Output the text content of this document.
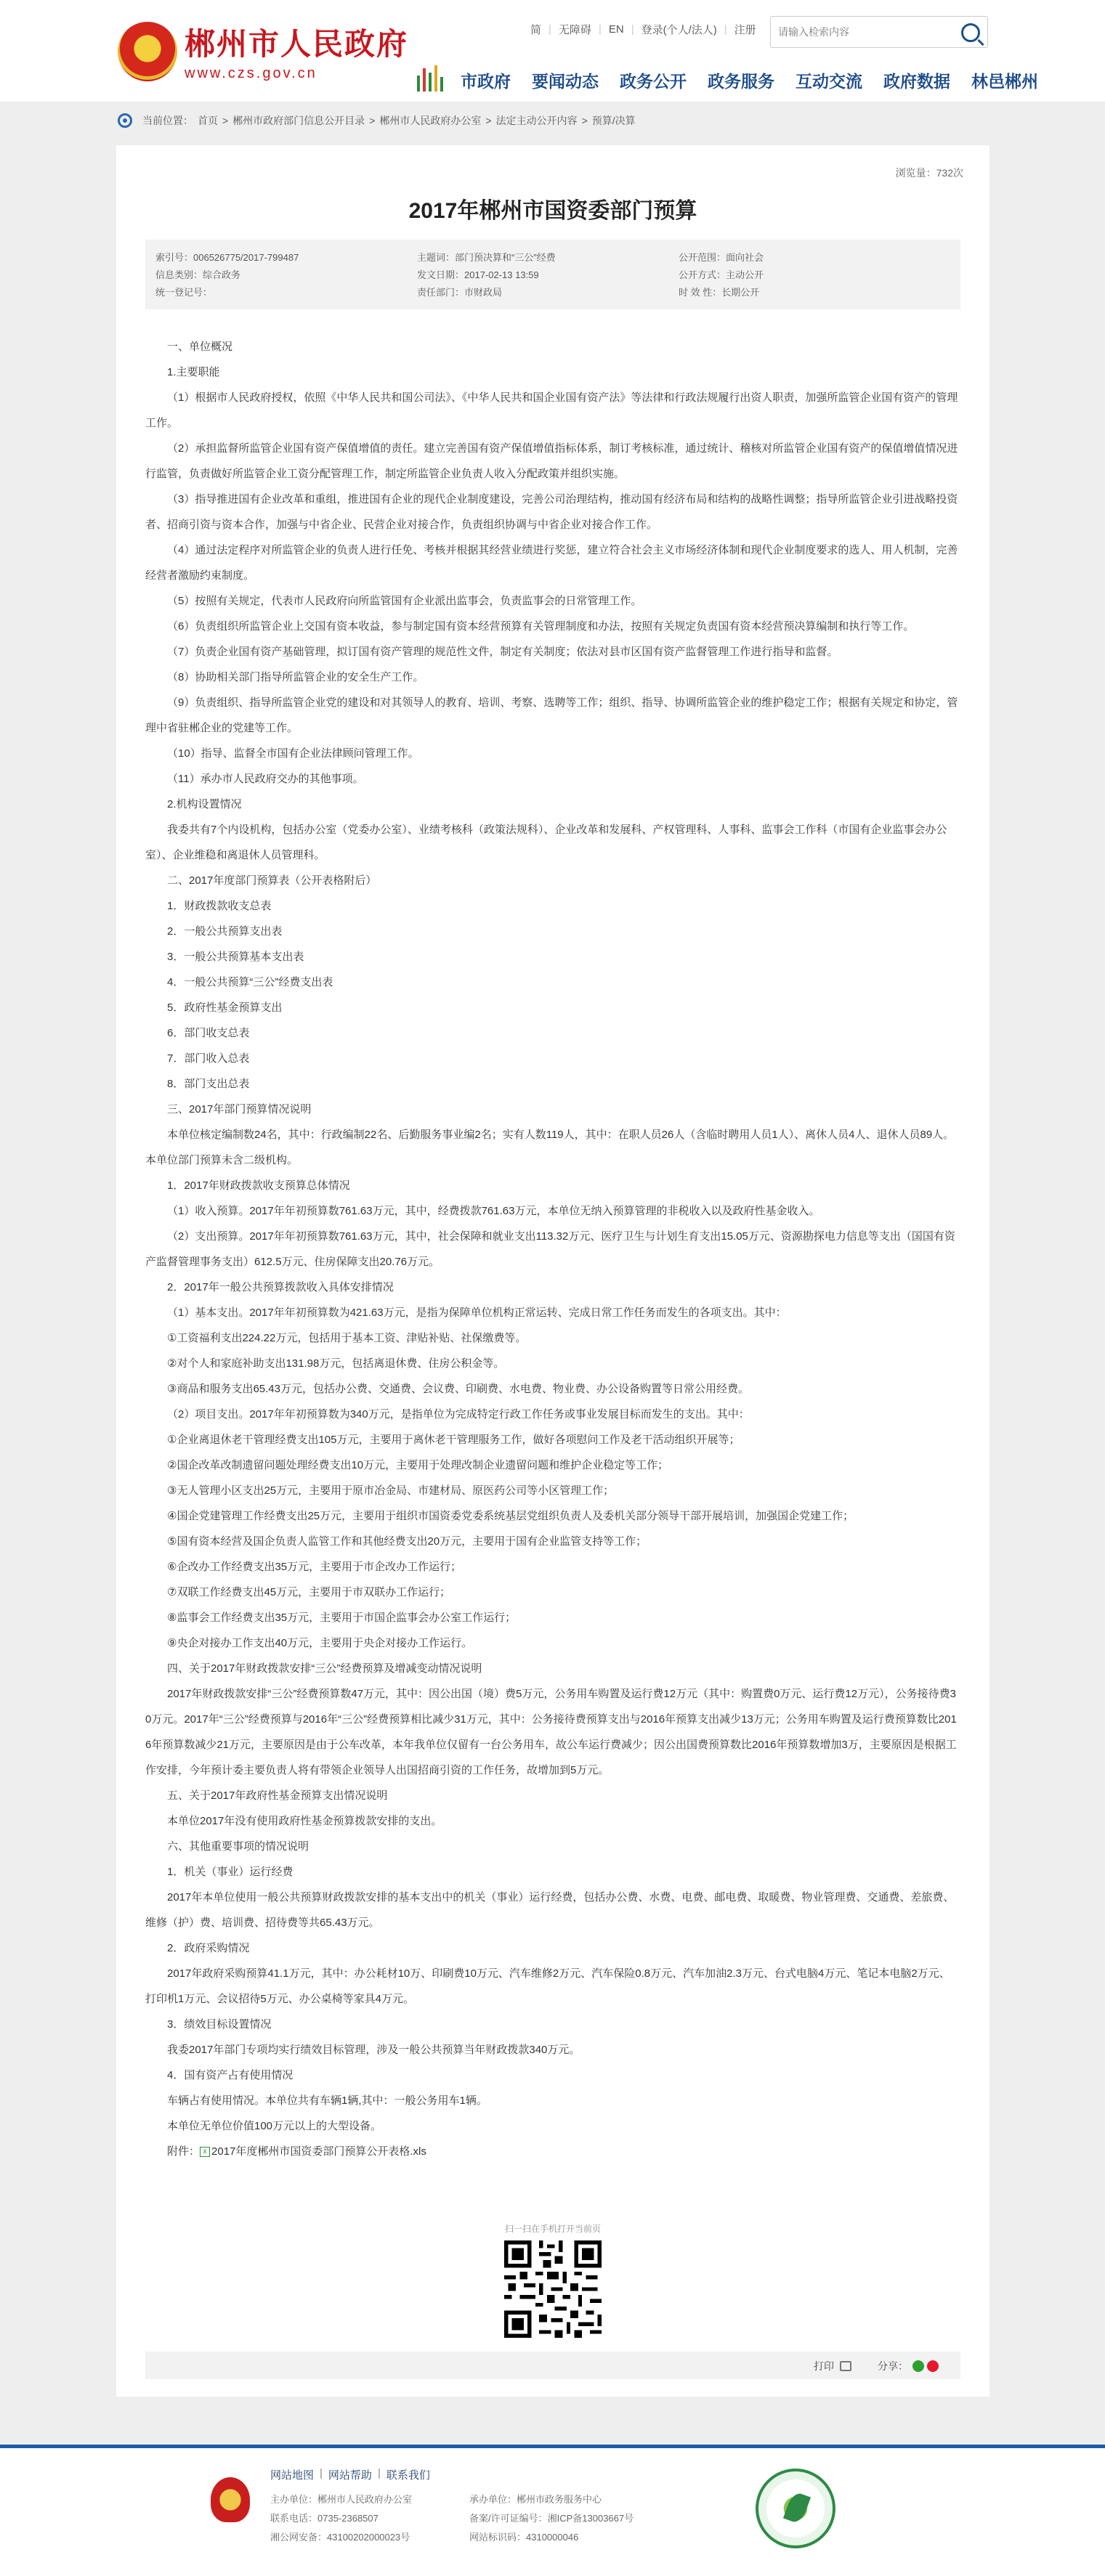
郴州市人民政府
www.czs.gov.cn
简 | 无障碍 | EN | 登录(个人/法人) | 注册
请输入检索内容
市政府 要闻动态 政务公开 政务服务 互动交流 政府数据 林邑郴州
当前位置： 首页 > 郴州市政府部门信息公开目录 > 郴州市人民政府办公室 > 法定主动公开内容 > 预算/决算
浏览量：732次
2017年郴州市国资委部门预算
索引号：006526775/2017-799487
信息类别：综合政务
统一登记号：
主题词：部门预决算和“三公”经费
发文日期：2017-02-13 13:59
责任部门：市财政局
公开范围：面向社会
公开方式：主动公开
时 效 性：长期公开

一、单位概况

1.主要职能

（1）根据市人民政府授权，依照《中华人民共和国公司法》、《中华人民共和国企业国有资产法》等法律和行政法规履行出资人职责，加强所监管企业国有资产的管理工作。

（2）承担监督所监管企业国有资产保值增值的责任。建立完善国有资产保值增值指标体系，制订考核标准，通过统计、稽核对所监管企业国有资产的保值增值情况进行监管，负责做好所监管企业工资分配管理工作，制定所监管企业负责人收入分配政策并组织实施。

（3）指导推进国有企业改革和重组，推进国有企业的现代企业制度建设，完善公司治理结构，推动国有经济布局和结构的战略性调整；指导所监管企业引进战略投资者、招商引资与资本合作，加强与中省企业、民营企业对接合作，负责组织协调与中省企业对接合作工作。

（4）通过法定程序对所监管企业的负责人进行任免、考核并根据其经营业绩进行奖惩，建立符合社会主义市场经济体制和现代企业制度要求的选人、用人机制，完善经营者激励约束制度。

（5）按照有关规定，代表市人民政府向所监管国有企业派出监事会，负责监事会的日常管理工作。

（6）负责组织所监管企业上交国有资本收益，参与制定国有资本经营预算有关管理制度和办法，按照有关规定负责国有资本经营预决算编制和执行等工作。

（7）负责企业国有资产基础管理，拟订国有资产管理的规范性文件，制定有关制度；依法对县市区国有资产监督管理工作进行指导和监督。

（8）协助相关部门指导所监管企业的安全生产工作。

（9）负责组织、指导所监管企业党的建设和对其领导人的教育、培训、考察、选聘等工作；组织、指导、协调所监管企业的维护稳定工作；根据有关规定和协定，管理中省驻郴企业的党建等工作。

（10）指导、监督全市国有企业法律顾问管理工作。

（11）承办市人民政府交办的其他事项。

2.机构设置情况

我委共有7个内设机构，包括办公室（党委办公室）、业绩考核科（政策法规科）、企业改革和发展科、产权管理科、人事科、监事会工作科（市国有企业监事会办公室）、企业维稳和离退休人员管理科。

二、2017年度部门预算表（公开表格附后）

1．财政拨款收支总表

2．一般公共预算支出表

3．一般公共预算基本支出表

4．一般公共预算“三公”经费支出表

5．政府性基金预算支出

6．部门收支总表

7．部门收入总表

8．部门支出总表

三、2017年部门预算情况说明

本单位核定编制数24名，其中：行政编制22名、后勤服务事业编2名；实有人数119人，其中：在职人员26人（含临时聘用人员1人）、离休人员4人、退休人员89人。本单位部门预算未含二级机构。

1．2017年财政拨款收支预算总体情况

（1）收入预算。2017年年初预算数761.63万元，其中，经费拨款761.63万元，本单位无纳入预算管理的非税收入以及政府性基金收入。

（2）支出预算。2017年年初预算数761.63万元，其中，社会保障和就业支出113.32万元、医疗卫生与计划生育支出15.05万元、资源勘探电力信息等支出（国国有资产监督管理事务支出）612.5万元、住房保障支出20.76万元。

2．2017年一般公共预算拨款收入具体安排情况

（1）基本支出。2017年年初预算数为421.63万元，是指为保障单位机构正常运转、完成日常工作任务而发生的各项支出。其中：

①工资福利支出224.22万元，包括用于基本工资、津贴补贴、社保缴费等。

②对个人和家庭补助支出131.98万元，包括离退休费、住房公积金等。

③商品和服务支出65.43万元，包括办公费、交通费、会议费、印刷费、水电费、物业费、办公设备购置等日常公用经费。

（2）项目支出。2017年年初预算数为340万元，是指单位为完成特定行政工作任务或事业发展目标而发生的支出。其中：

①企业离退休老干管理经费支出105万元，主要用于离休老干管理服务工作，做好各项慰问工作及老干活动组织开展等；

②国企改革改制遗留问题处理经费支出10万元，主要用于处理改制企业遗留问题和维护企业稳定等工作；

③无人管理小区支出25万元，主要用于原市冶金局、市建材局、原医药公司等小区管理工作；

④国企党建管理工作经费支出25万元，主要用于组织市国资委党委系统基层党组织负责人及委机关部分领导干部开展培训，加强国企党建工作；

⑤国有资本经营及国企负责人监管工作和其他经费支出20万元，主要用于国有企业监管支持等工作；

⑥企改办工作经费支出35万元，主要用于市企改办工作运行；

⑦双联工作经费支出45万元，主要用于市双联办工作运行；

⑧监事会工作经费支出35万元，主要用于市国企监事会办公室工作运行；

⑨央企对接办工作支出40万元，主要用于央企对接办工作运行。

四、关于2017年财政拨款安排“三公”经费预算及增减变动情况说明

2017年财政拨款安排“三公”经费预算数47万元，其中：因公出国（境）费5万元，公务用车购置及运行费12万元（其中：购置费0万元、运行费12万元），公务接待费30万元。2017年“三公”经费预算与2016年“三公”经费预算相比减少31万元，其中：公务接待费预算支出与2016年预算支出减少13万元；公务用车购置及运行费预算数比2016年预算数减少21万元，主要原因是由于公车改革，本年我单位仅留有一台公务用车，故公车运行费减少；因公出国费预算数比2016年预算数增加3万，主要原因是根据工作安排，今年预计委主要负责人将有带领企业领导人出国招商引资的工作任务，故增加到5万元。

五、关于2017年政府性基金预算支出情况说明

本单位2017年没有使用政府性基金预算拨款安排的支出。

六、其他重要事项的情况说明

1．机关（事业）运行经费

2017年本单位使用一般公共预算财政拨款安排的基本支出中的机关（事业）运行经费，包括办公费、水费、电费、邮电费、取暖费、物业管理费、交通费、差旅费、维修（护）费、培训费、招待费等共65.43万元。

2．政府采购情况

2017年政府采购预算41.1万元，其中：办公耗材10万、印刷费10万元、汽车维修2万元、汽车保险0.8万元、汽车加油2.3万元、台式电脑4万元、笔记本电脑2万元、打印机1万元、会议招待5万元、办公桌椅等家具4万元。

3．绩效目标设置情况

我委2017年部门专项均实行绩效目标管理，涉及一般公共预算当年财政拨款340万元。

4．国有资产占有使用情况

车辆占有使用情况。本单位共有车辆1辆,其中：一般公务用车1辆。

本单位无单位价值100万元以上的大型设备。

附件： x 2017年度郴州市国资委部门预算公开表格.xls

扫一扫在手机打开当前页
打印	分享：
网站地图 | 网站帮助 | 联系我们
主办单位：郴州市人民政府办公室
联系电话：0735-2368507
湘公网安备：43100202000023号
承办单位：郴州市政务服务中心
备案/许可证编号：湘ICP备13003667号
网站标识码：4310000046
